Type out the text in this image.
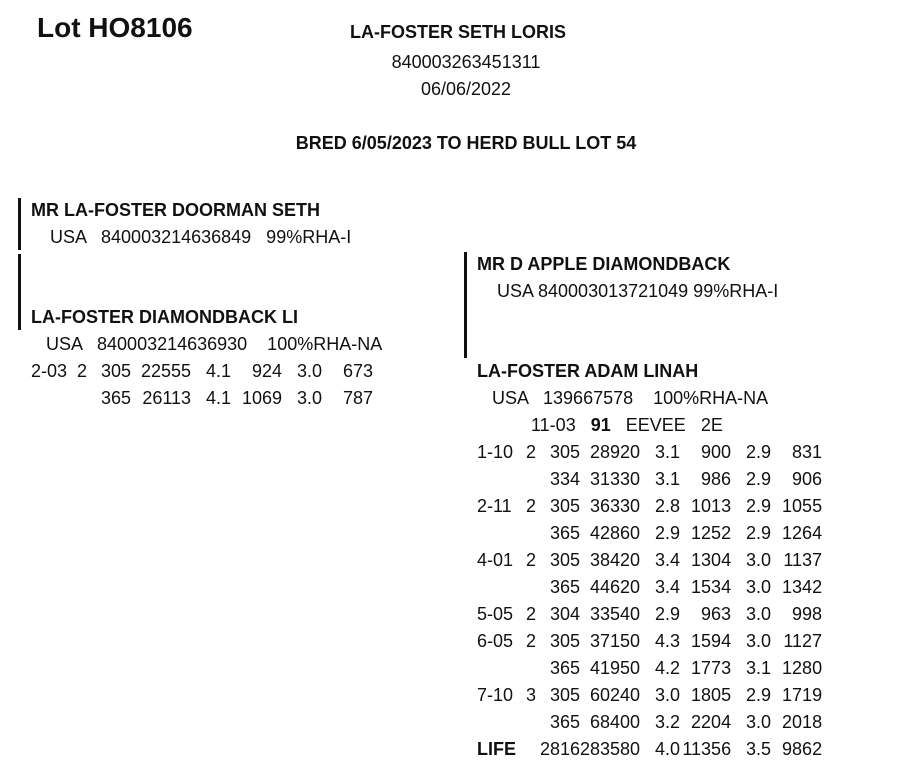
Lot HO8106	LA-FOSTER SETH LORIS
840003263451311
06/06/2022
BRED 6/05/2023 TO HERD BULL LOT 54
MR LA-FOSTER DOORMAN SETH
USA   840003214636849   99%RHA-I
LA-FOSTER DIAMONDBACK LI
USA   840003214636930    100%RHA-NA
2-03	2	305	22555	4.1	924	3.0	673
		365	26113	4.1	1069	3.0	787
MR D APPLE DIAMONDBACK
USA 840003013721049 99%RHA-I
LA-FOSTER ADAM LINAH
USA   139667578    100%RHA-NA
11-03 91 EEVEE 2E
1-10	2	305	28920	3.1	900	2.9	831
		334	31330	3.1	986	2.9	906
2-11	2	305	36330	2.8	1013	2.9	1055
		365	42860	2.9	1252	2.9	1264
4-01	2	305	38420	3.4	1304	3.0	1137
		365	44620	3.4	1534	3.0	1342
5-05	2	304	33540	2.9	963	3.0	998
6-05	2	305	37150	4.3	1594	3.0	1127
		365	41950	4.2	1773	3.1	1280
7-10	3	305	60240	3.0	1805	2.9	1719
		365	68400	3.2	2204	3.0	2018
LIFE	2816		283580	4.0	11356	3.5	9862
